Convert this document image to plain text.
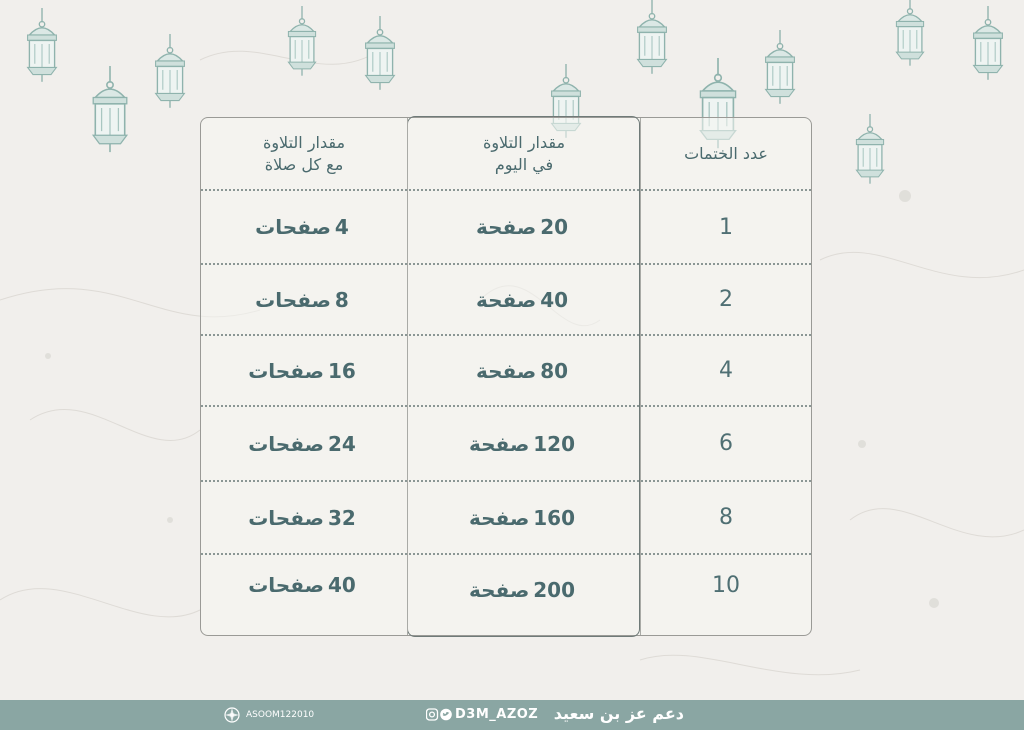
عدد الختمات
مقدار التلاوة
في اليوم
مقدار التلاوة
مع كل صلاة
1
20
صفحة
4
صفحات
2
40
صفحة
8
صفحات
4
80
صفحة
16
صفحات
6
120
صفحة
24
صفحات
8
160
صفحة
32
صفحات
10
200
صفحة
40
صفحات
ASOOM122010	D3M_AZOZ دعم عز بن سعيد
